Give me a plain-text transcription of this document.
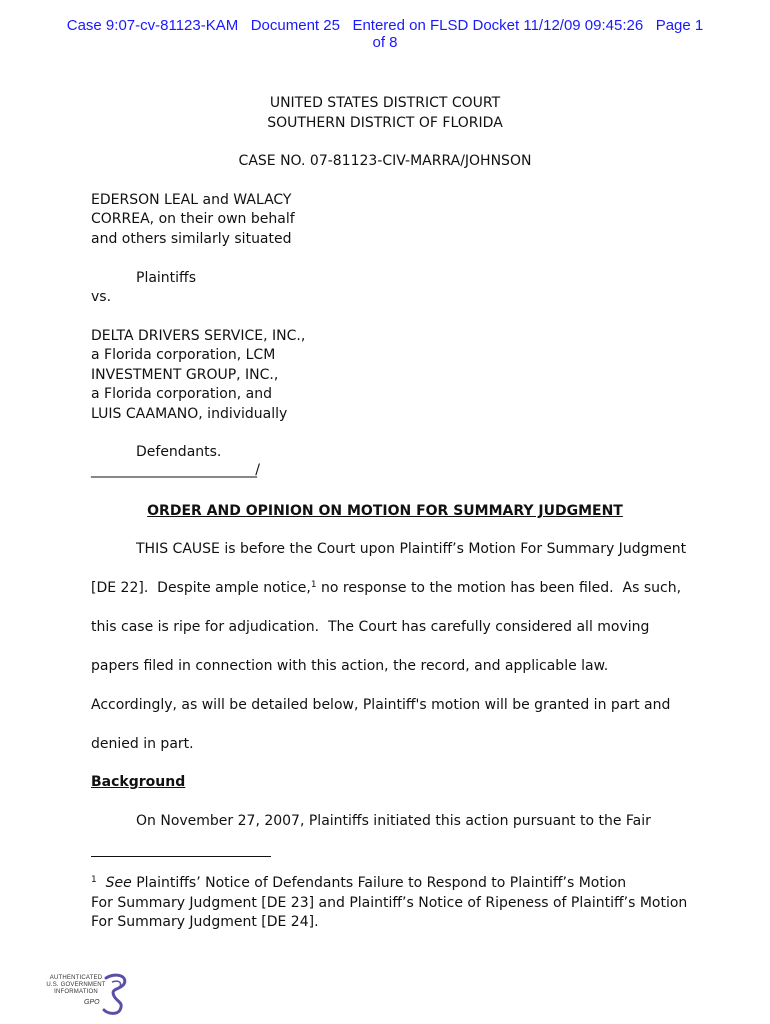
Case 9:07-cv-81123-KAM   Document 25   Entered on FLSD Docket 11/12/09 09:45:26   Page 1
of 8
UNITED STATES DISTRICT COURT
SOUTHERN DISTRICT OF FLORIDA
CASE NO. 07-81123-CIV-MARRA/JOHNSON
EDERSON LEAL and WALACY
CORREA, on their own behalf
and others similarly situated
Plaintiffs
vs.
DELTA DRIVERS SERVICE, INC.,
a Florida corporation, LCM
INVESTMENT GROUP, INC.,
a Florida corporation, and
LUIS CAAMANO, individually
Defendants.
_______________________________/
ORDER AND OPINION ON MOTION FOR SUMMARY JUDGMENT
THIS CAUSE is before the Court upon Plaintiff’s Motion For Summary Judgment
[DE 22].  Despite ample notice,$^1$ no response to the motion has been filed.  As such,
this case is ripe for adjudication.  The Court has carefully considered all moving
papers filed in connection with this action, the record, and applicable law.
Accordingly, as will be detailed below, Plaintiff's motion will be granted in part and
denied in part.
Background
On November 27, 2007, Plaintiffs initiated this action pursuant to the Fair
$^1$ See Plaintiffs’ Notice of Defendants Failure to Respond to Plaintiff’s Motion
For Summary Judgment [DE 23] and Plaintiff’s Notice of Ripeness of Plaintiff’s Motion
For Summary Judgment [DE 24].
AUTHENTICATED
U.S. GOVERNMENT
INFORMATION
GPO
